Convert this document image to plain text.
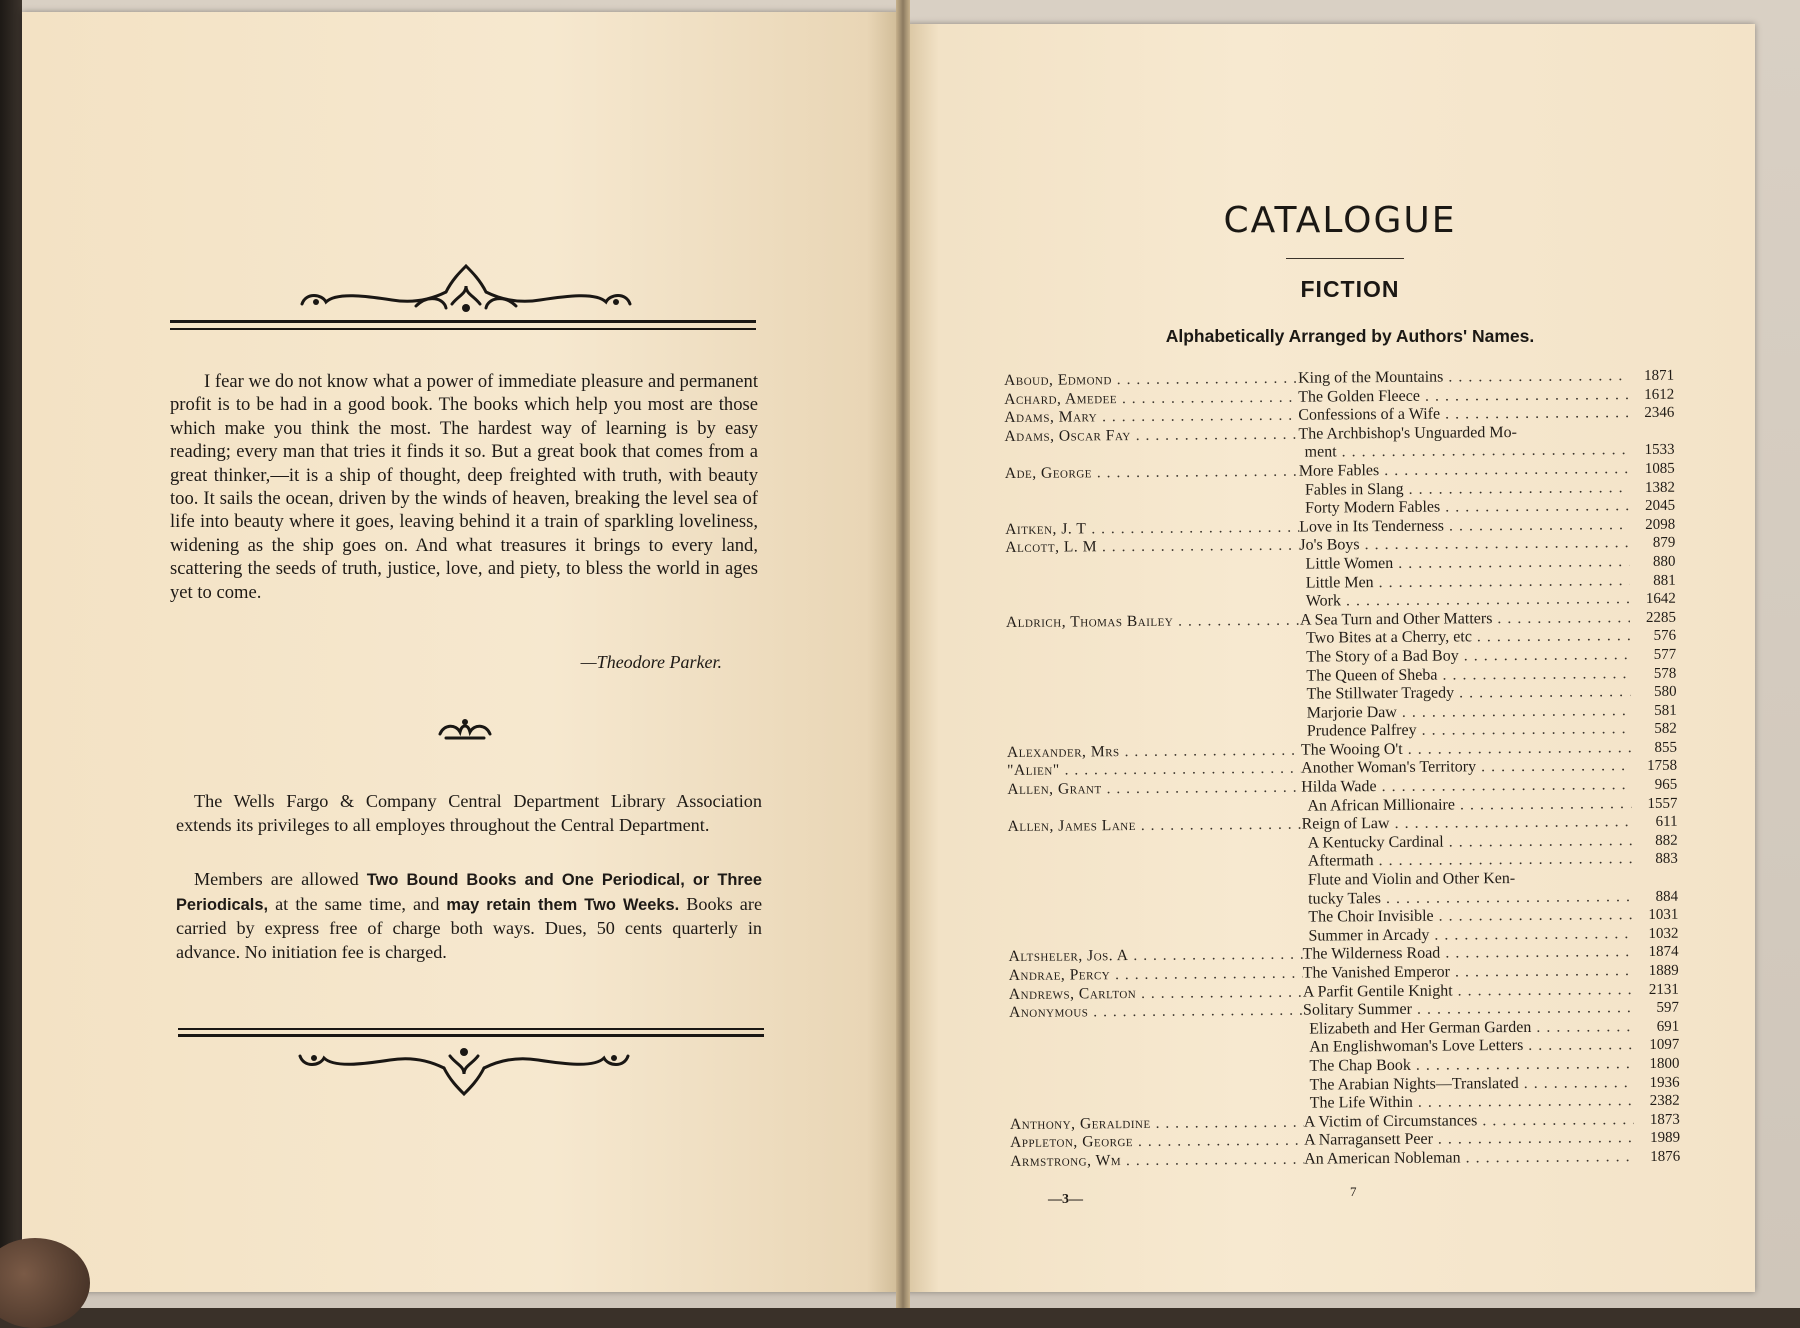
I fear we do not know what a power of immediate pleasure and permanent profit is to be had in a good book. The books which help you most are those which make you think the most. The hardest way of learning is by easy reading; every man that tries it finds it so. But a great book that comes from a great thinker,—it is a ship of thought, deep freighted with truth, with beauty too. It sails the ocean, driven by the winds of heaven, breaking the level sea of life into beauty where it goes, leaving behind it a train of sparkling loveliness, widening as the ship goes on. And what treasures it brings to every land, scattering the seeds of truth, justice, love, and piety, to bless the world in ages yet to come.

—Theodore Parker.

The Wells Fargo & Company Central Department Library Association extends its privileges to all employes throughout the Central Department.

Members are allowed Two Bound Books and One Periodical, or Three Periodicals, at the same time, and may retain them Two Weeks. Books are carried by express free of charge both ways. Dues, 50 cents quarterly in advance. No initiation fee is charged.

CATALOGUE
FICTION
Alphabetically Arranged by Authors' Names.
Aboud, Edmond . . .	King of the Mountains . . .	1871
Achard, Amedee . . .	The Golden Fleece . . .	1612
Adams, Mary . . .	Confessions of a Wife . . .	2346
Adams, Oscar Fay . . .	The Archbishop's Unguarded Mo-
ment . . .	1533
Ade, George . . .	More Fables . . .	1085
Fables in Slang . . .	1382
Forty Modern Fables . . .	2045
Aitken, J. T . . .	Love in Its Tenderness . . .	2098
Alcott, L. M . . .	Jo's Boys . . .	879
Little Women . . .	880
Little Men . . .	881
Work . . .	1642
Aldrich, Thomas Bailey . . .	A Sea Turn and Other Matters . . .	2285
Two Bites at a Cherry, etc . . .	576
The Story of a Bad Boy . . .	577
The Queen of Sheba . . .	578
The Stillwater Tragedy . . .	580
Marjorie Daw . . .	581
Prudence Palfrey . . .	582
Alexander, Mrs . . .	The Wooing O't . . .	855
"Alien" . . .	Another Woman's Territory . . .	1758
Allen, Grant . . .	Hilda Wade . . .	965
An African Millionaire . . .	1557
Allen, James Lane . . .	Reign of Law . . .	611
A Kentucky Cardinal . . .	882
Aftermath . . .	883
Flute and Violin and Other Ken-
tucky Tales . . .	884
The Choir Invisible . . .	1031
Summer in Arcady . . .	1032
Altsheler, Jos. A . . .	The Wilderness Road . . .	1874
Andrae, Percy . . .	The Vanished Emperor . . .	1889
Andrews, Carlton . . .	A Parfit Gentile Knight . . .	2131
Anonymous . . .	Solitary Summer . . .	597
Elizabeth and Her German Garden . . .	691
An Englishwoman's Love Letters . . .	1097
The Chap Book . . .	1800
The Arabian Nights—Translated . . .	1936
The Life Within . . .	2382
Anthony, Geraldine . . .	A Victim of Circumstances . . .	1873
Appleton, George . . .	A Narragansett Peer . . .	1989
Armstrong, Wm . . .	An American Nobleman . . .	1876
—3—
7
